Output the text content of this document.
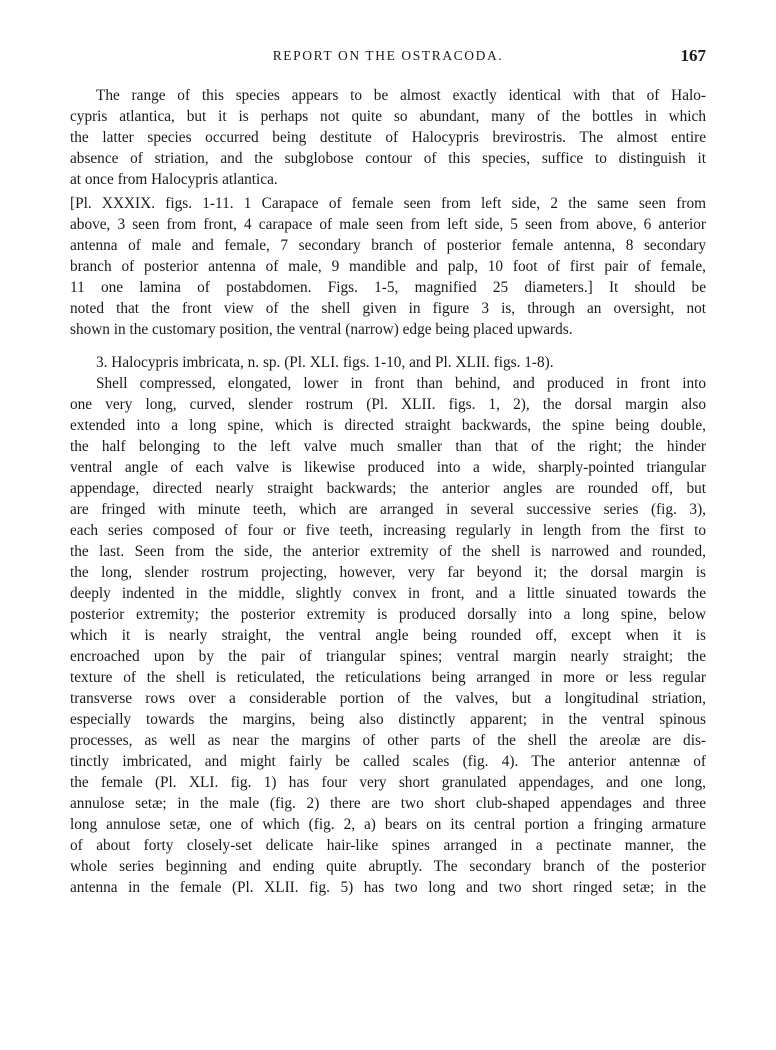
REPORT ON THE OSTRACODA.	167
The range of this species appears to be almost exactly identical with that of Halo-
cypris atlantica, but it is perhaps not quite so abundant, many of the bottles in which
the latter species occurred being destitute of Halocypris brevirostris. The almost entire
absence of striation, and the subglobose contour of this species, suffice to distinguish it
at once from Halocypris atlantica.
[Pl. XXXIX. figs. 1-11. 1 Carapace of female seen from left side, 2 the same seen from
above, 3 seen from front, 4 carapace of male seen from left side, 5 seen from above, 6 anterior
antenna of male and female, 7 secondary branch of posterior female antenna, 8 secondary
branch of posterior antenna of male, 9 mandible and palp, 10 foot of first pair of female,
11 one lamina of postabdomen. Figs. 1-5, magnified 25 diameters.] It should be
noted that the front view of the shell given in figure 3 is, through an oversight, not
shown in the customary position, the ventral (narrow) edge being placed upwards.
3. Halocypris imbricata, n. sp. (Pl. XLI. figs. 1-10, and Pl. XLII. figs. 1-8).
Shell compressed, elongated, lower in front than behind, and produced in front into
one very long, curved, slender rostrum (Pl. XLII. figs. 1, 2), the dorsal margin also
extended into a long spine, which is directed straight backwards, the spine being double,
the half belonging to the left valve much smaller than that of the right; the hinder
ventral angle of each valve is likewise produced into a wide, sharply-pointed triangular
appendage, directed nearly straight backwards; the anterior angles are rounded off, but
are fringed with minute teeth, which are arranged in several successive series (fig. 3),
each series composed of four or five teeth, increasing regularly in length from the first to
the last. Seen from the side, the anterior extremity of the shell is narrowed and rounded,
the long, slender rostrum projecting, however, very far beyond it; the dorsal margin is
deeply indented in the middle, slightly convex in front, and a little sinuated towards the
posterior extremity; the posterior extremity is produced dorsally into a long spine, below
which it is nearly straight, the ventral angle being rounded off, except when it is
encroached upon by the pair of triangular spines; ventral margin nearly straight; the
texture of the shell is reticulated, the reticulations being arranged in more or less regular
transverse rows over a considerable portion of the valves, but a longitudinal striation,
especially towards the margins, being also distinctly apparent; in the ventral spinous
processes, as well as near the margins of other parts of the shell the areolæ are dis-
tinctly imbricated, and might fairly be called scales (fig. 4). The anterior antennæ of
the female (Pl. XLI. fig. 1) has four very short granulated appendages, and one long,
annulose setæ; in the male (fig. 2) there are two short club-shaped appendages and three
long annulose setæ, one of which (fig. 2, a) bears on its central portion a fringing armature
of about forty closely-set delicate hair-like spines arranged in a pectinate manner, the
whole series beginning and ending quite abruptly. The secondary branch of the posterior
antenna in the female (Pl. XLII. fig. 5) has two long and two short ringed setæ; in the
